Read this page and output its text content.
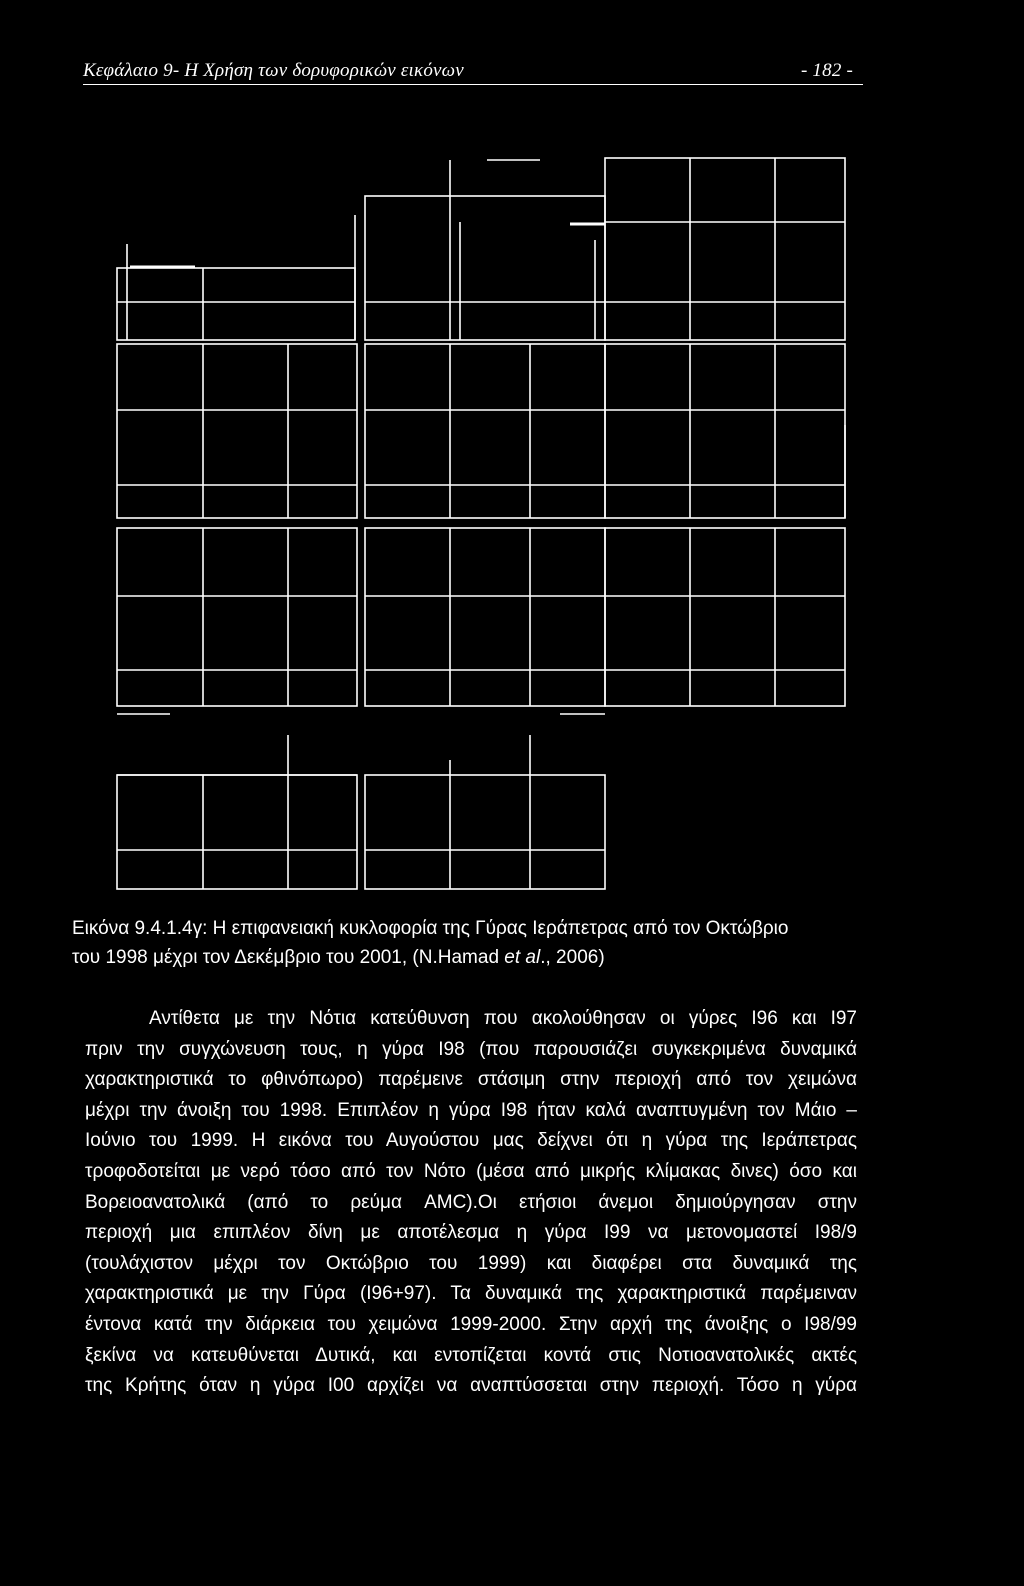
Κεφάλαιο 9- Η Χρήση των δορυφορικών εικόνων	- 182 -
Εικόνα 9.4.1.4γ: Η επιφανειακή κυκλοφορία της Γύρας Ιεράπετρας από τον Οκτώβριο
του 1998 μέχρι τον Δεκέμβριο του 2001, (N.Hamad et al., 2006)
Αντίθετα με την Νότια κατεύθυνση που ακολούθησαν οι γύρες Ι96 και Ι97
πριν την συγχώνευση τους, η γύρα Ι98 (που παρουσιάζει συγκεκριμένα δυναμικά
χαρακτηριστικά το φθινόπωρο) παρέμεινε στάσιμη στην περιοχή από τον χειμώνα
μέχρι την άνοιξη του 1998. Επιπλέον η γύρα Ι98 ήταν καλά αναπτυγμένη τον Μάιο –
Ιούνιο του 1999. Η εικόνα του Αυγούστου μας δείχνει ότι η γύρα της Ιεράπετρας
τροφοδοτείται με νερό τόσο από τον Νότο (μέσα από μικρής κλίμακας δινες) όσο και
Βορειοανατολικά (από το ρεύμα AMC).Οι ετήσιοι άνεμοι δημιούργησαν στην
περιοχή μια επιπλέον δίνη με αποτέλεσμα η γύρα Ι99 να μετονομαστεί Ι98/9
(τουλάχιστον μέχρι τον Οκτώβριο του 1999) και διαφέρει στα δυναμικά της
χαρακτηριστικά με την Γύρα (Ι96+97). Τα δυναμικά της χαρακτηριστικά παρέμειναν
έντονα κατά την διάρκεια του χειμώνα 1999-2000. Στην αρχή της άνοιξης ο Ι98/99
ξεκίνα να κατευθύνεται Δυτικά, και εντοπίζεται κοντά στις Νοτιοανατολικές ακτές
της Κρήτης όταν η γύρα Ι00 αρχίζει να αναπτύσσεται στην περιοχή. Τόσο η γύρα
